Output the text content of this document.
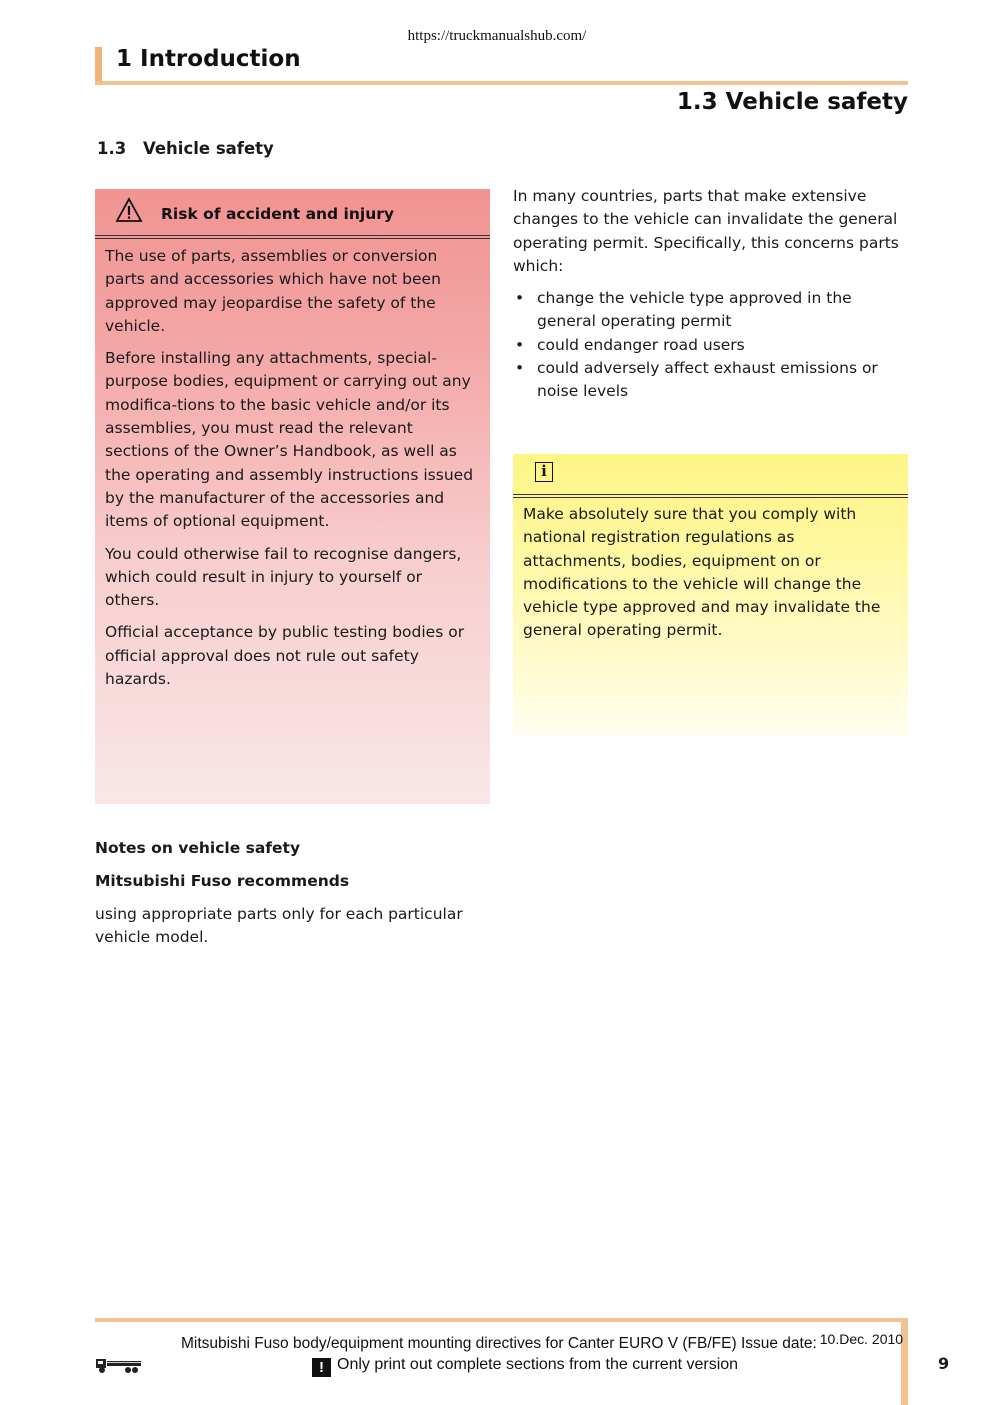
https://truckmanualshub.com/
1 Introduction
1.3 Vehicle safety
1.3 Vehicle safety
Risk of accident and injury

The use of parts, assemblies or conversion parts and accessories which have not been approved may jeopardise the safety of the vehicle.

Before installing any attachments, special-purpose bodies, equipment or carrying out any modifica-tions to the basic vehicle and/or its assemblies, you must read the relevant sections of the Owner’s Handbook, as well as the operating and assembly instructions issued by the manufacturer of the accessories and items of optional equipment.

You could otherwise fail to recognise dangers, which could result in injury to yourself or others.

Official acceptance by public testing bodies or official approval does not rule out safety hazards.

In many countries, parts that make extensive changes to the vehicle can invalidate the general operating permit. Specifically, this concerns parts which:

• change the vehicle type approved in the general operating permit
• could endanger road users
• could adversely affect exhaust emissions or noise levels
i

Make absolutely sure that you comply with national registration regulations as attachments, bodies, equipment on or modifications to the vehicle will change the vehicle type approved and may invalidate the general operating permit.

Notes on vehicle safety
Mitsubishi Fuso recommends

using appropriate parts only for each particular vehicle model.

Mitsubishi Fuso body/equipment mounting directives for Canter EURO V (FB/FE) Issue date: 10.Dec. 2010
! Only print out complete sections from the current version	9
